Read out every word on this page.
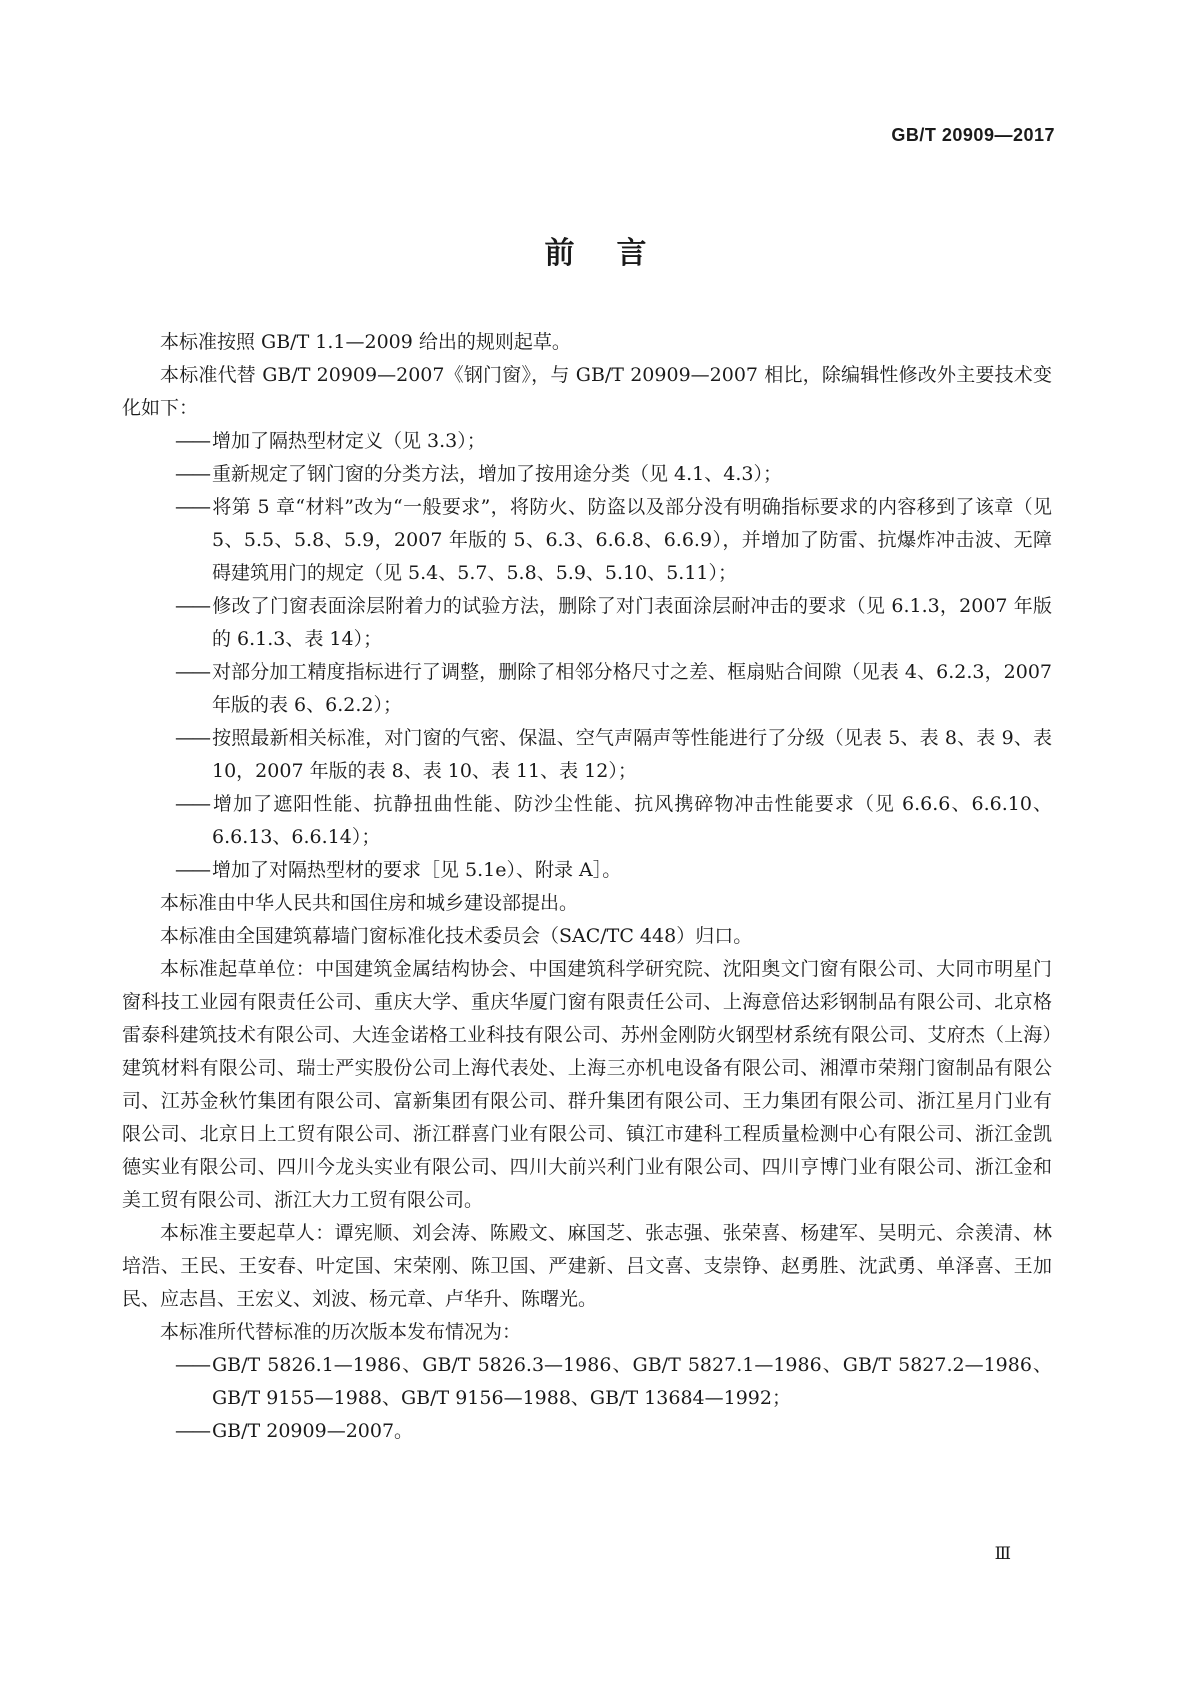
GB/T 20909—2017
前言

本标准按照 GB/T 1.1—2009 给出的规则起草。

本标准代替 GB/T 20909—2007《钢门窗》，与 GB/T 20909—2007 相比，除编辑性修改外主要技术变化如下：

—— 增加了隔热型材定义（见 3.3）；

—— 重新规定了钢门窗的分类方法，增加了按用途分类（见 4.1、4.3）；

—— 将第 5 章“材料”改为“一般要求”，将防火、防盗以及部分没有明确指标要求的内容移到了该章（见 5、5.5、5.8、5.9，2007 年版的 5、6.3、6.6.8、6.6.9），并增加了防雷、抗爆炸冲击波、无障碍建筑用门的规定（见 5.4、5.7、5.8、5.9、5.10、5.11）；

—— 修改了门窗表面涂层附着力的试验方法，删除了对门表面涂层耐冲击的要求（见 6.1.3，2007 年版的 6.1.3、表 14）；

—— 对部分加工精度指标进行了调整，删除了相邻分格尺寸之差、框扇贴合间隙（见表 4、6.2.3，2007 年版的表 6、6.2.2）；

—— 按照最新相关标准，对门窗的气密、保温、空气声隔声等性能进行了分级（见表 5、表 8、表 9、表 10，2007 年版的表 8、表 10、表 11、表 12）；

—— 增加了遮阳性能、抗静扭曲性能、防沙尘性能、抗风携碎物冲击性能要求（见 6.6.6、6.6.10、6.6.13、6.6.14）；

—— 增加了对隔热型材的要求［见 5.1e）、附录 A］。

本标准由中华人民共和国住房和城乡建设部提出。

本标准由全国建筑幕墙门窗标准化技术委员会（SAC/TC 448）归口。

本标准起草单位：中国建筑金属结构协会、中国建筑科学研究院、沈阳奥文门窗有限公司、大同市明星门窗科技工业园有限责任公司、重庆大学、重庆华厦门窗有限责任公司、上海意倍达彩钢制品有限公司、北京格雷泰科建筑技术有限公司、大连金诺格工业科技有限公司、苏州金刚防火钢型材系统有限公司、艾府杰（上海）建筑材料有限公司、瑞士严实股份公司上海代表处、上海三亦机电设备有限公司、湘潭市荣翔门窗制品有限公司、江苏金秋竹集团有限公司、富新集团有限公司、群升集团有限公司、王力集团有限公司、浙江星月门业有限公司、北京日上工贸有限公司、浙江群喜门业有限公司、镇江市建科工程质量检测中心有限公司、浙江金凯德实业有限公司、四川今龙头实业有限公司、四川大前兴利门业有限公司、四川亨博门业有限公司、浙江金和美工贸有限公司、浙江大力工贸有限公司。

本标准主要起草人：谭宪顺、刘会涛、陈殿文、麻国芝、张志强、张荣喜、杨建军、吴明元、佘羡清、林培浩、王民、王安春、叶定国、宋荣刚、陈卫国、严建新、吕文喜、支崇铮、赵勇胜、沈武勇、单泽喜、王加民、应志昌、王宏义、刘波、杨元章、卢华升、陈曙光。

本标准所代替标准的历次版本发布情况为：

—— GB/T 5826.1—1986、GB/T 5826.3—1986、GB/T 5827.1—1986、GB/T 5827.2—1986、GB/T 9155—1988、GB/T 9156—1988、GB/T 13684—1992；

—— GB/T 20909—2007。

Ⅲ
